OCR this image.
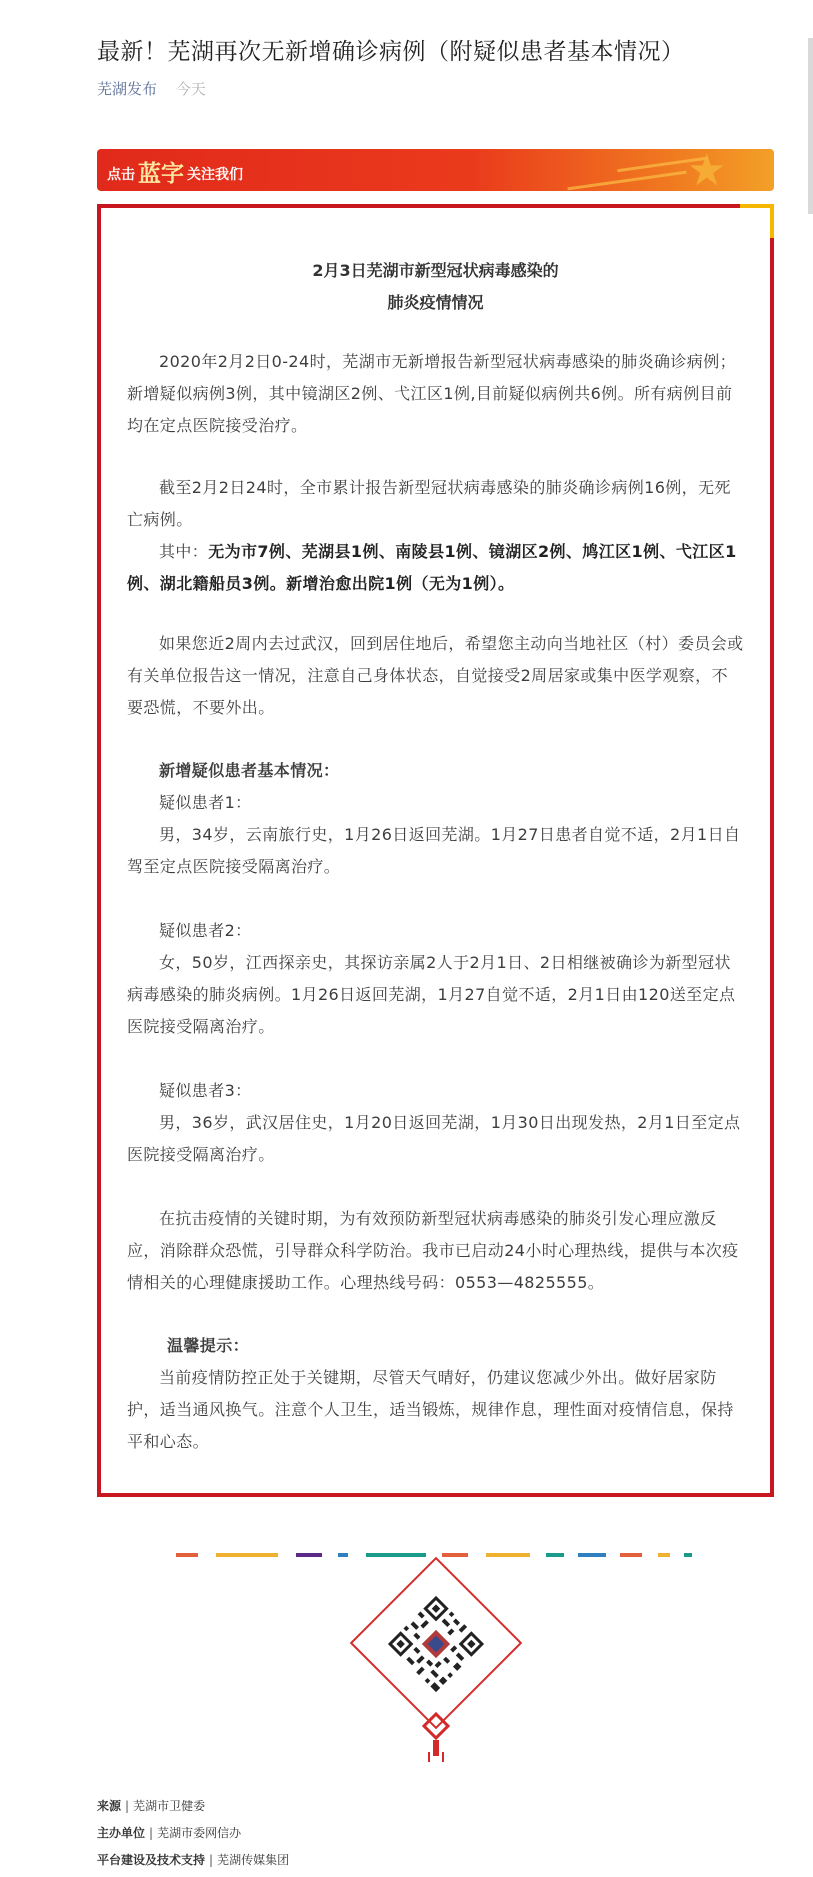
最新！芜湖再次无新增确诊病例（附疑似患者基本情况）
芜湖发布 今天
★
点击 蓝字 关注我们
2月3日芜湖市新型冠状病毒感染的
肺炎疫情情况
2020年2月2日0-24时，芜湖市无新增报告新型冠状病毒感染的肺炎确诊病例；新增疑似病例3例，其中镜湖区2例、弋江区1例,目前疑似病例共6例。所有病例目前均在定点医院接受治疗。
截至2月2日24时，全市累计报告新型冠状病毒感染的肺炎确诊病例16例，无死亡病例。
其中：无为市7例、芜湖县1例、南陵县1例、镜湖区2例、鸠江区1例、弋江区1例、湖北籍船员3例。新增治愈出院1例（无为1例）。
如果您近2周内去过武汉，回到居住地后，希望您主动向当地社区（村）委员会或有关单位报告这一情况，注意自己身体状态，自觉接受2周居家或集中医学观察，不要恐慌，不要外出。
新增疑似患者基本情况：
疑似患者1：
男，34岁，云南旅行史，1月26日返回芜湖。1月27日患者自觉不适，2月1日自驾至定点医院接受隔离治疗。
疑似患者2：
女，50岁，江西探亲史，其探访亲属2人于2月1日、2日相继被确诊为新型冠状病毒感染的肺炎病例。1月26日返回芜湖，1月27自觉不适，2月1日由120送至定点医院接受隔离治疗。
疑似患者3：
男，36岁，武汉居住史，1月20日返回芜湖，1月30日出现发热，2月1日至定点医院接受隔离治疗。
在抗击疫情的关键时期，为有效预防新型冠状病毒感染的肺炎引发心理应激反应，消除群众恐慌，引导群众科学防治。我市已启动24小时心理热线，提供与本次疫情相关的心理健康援助工作。心理热线号码：0553—4825555。
温馨提示：
当前疫情防控正处于关键期，尽管天气晴好，仍建议您减少外出。做好居家防护，适当通风换气。注意个人卫生，适当锻炼，规律作息，理性面对疫情信息，保持平和心态。
来源 | 芜湖市卫健委
主办单位 | 芜湖市委网信办
平台建设及技术支持 | 芜湖传媒集团
